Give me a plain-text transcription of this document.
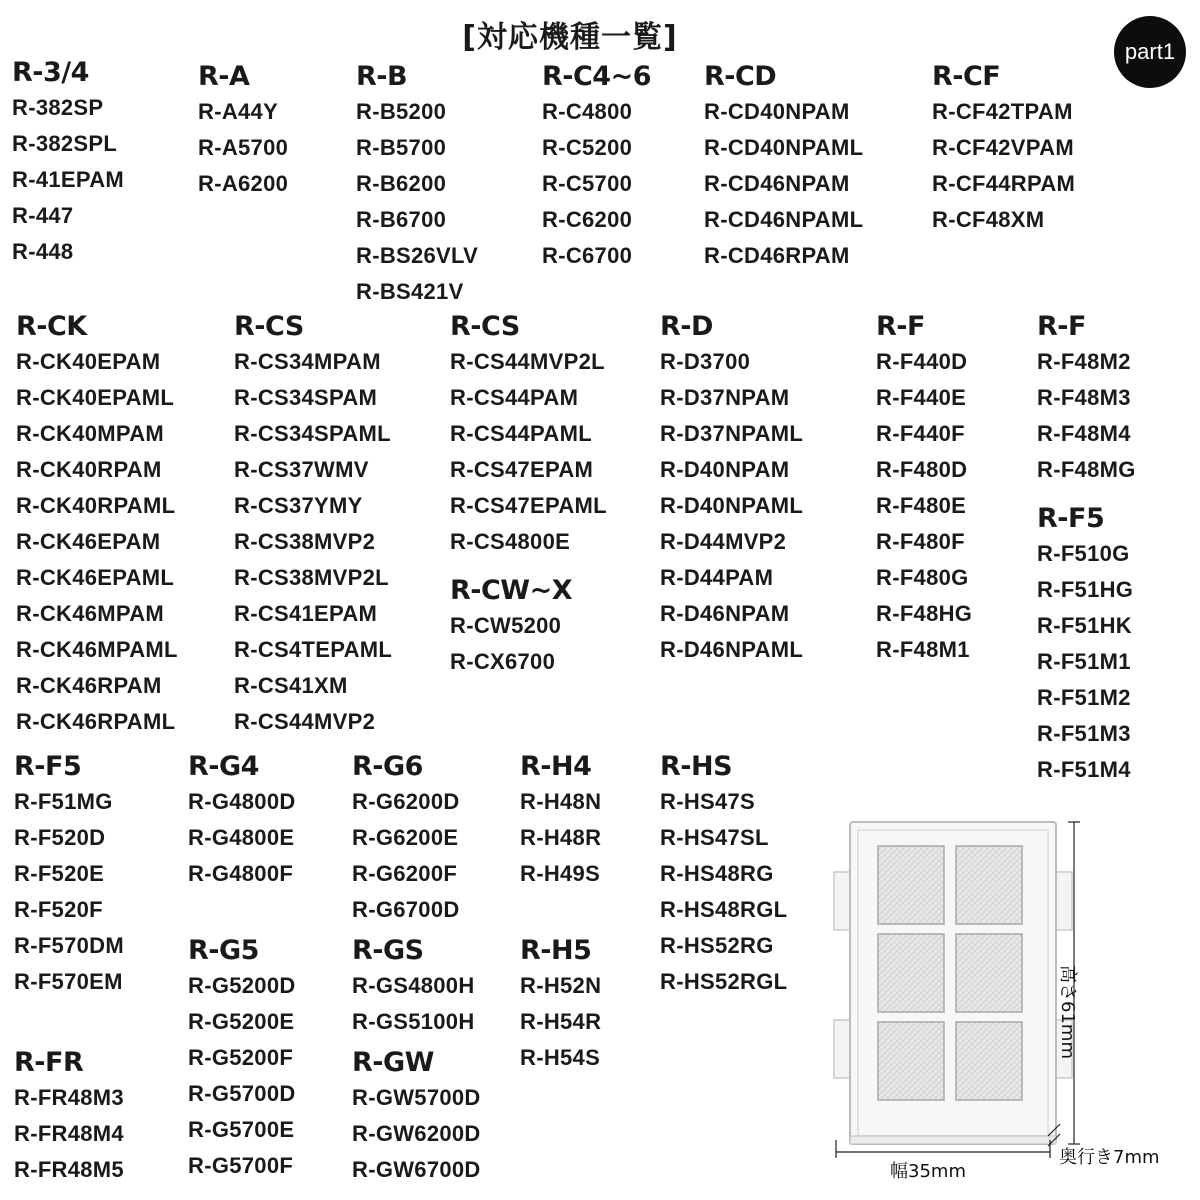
[対応機種一覧]	part1
R-3/4
R-382SP
R-382SPL
R-41EPAM
R-447
R-448
R-A
R-A44Y
R-A5700
R-A6200
R-B
R-B5200
R-B5700
R-B6200
R-B6700
R-BS26VLV
R-BS421V
R-C4~6
R-C4800
R-C5200
R-C5700
R-C6200
R-C6700
R-CD
R-CD40NPAM
R-CD40NPAML
R-CD46NPAM
R-CD46NPAML
R-CD46RPAM
R-CF
R-CF42TPAM
R-CF42VPAM
R-CF44RPAM
R-CF48XM
R-CK
R-CK40EPAM
R-CK40EPAML
R-CK40MPAM
R-CK40RPAM
R-CK40RPAML
R-CK46EPAM
R-CK46EPAML
R-CK46MPAM
R-CK46MPAML
R-CK46RPAM
R-CK46RPAML
R-CS
R-CS34MPAM
R-CS34SPAM
R-CS34SPAML
R-CS37WMV
R-CS37YMY
R-CS38MVP2
R-CS38MVP2L
R-CS41EPAM
R-CS4TEPAML
R-CS41XM
R-CS44MVP2
R-CS
R-CS44MVP2L
R-CS44PAM
R-CS44PAML
R-CS47EPAM
R-CS47EPAML
R-CS4800E
R-CW~X
R-CW5200
R-CX6700
R-D
R-D3700
R-D37NPAM
R-D37NPAML
R-D40NPAM
R-D40NPAML
R-D44MVP2
R-D44PAM
R-D46NPAM
R-D46NPAML
R-F
R-F440D
R-F440E
R-F440F
R-F480D
R-F480E
R-F480F
R-F480G
R-F48HG
R-F48M1
R-F
R-F48M2
R-F48M3
R-F48M4
R-F48MG
R-F5
R-F510G
R-F51HG
R-F51HK
R-F51M1
R-F51M2
R-F51M3
R-F51M4
R-F5
R-F51MG
R-F520D
R-F520E
R-F520F
R-F570DM
R-F570EM
R-FR
R-FR48M3
R-FR48M4
R-FR48M5
R-G4
R-G4800D
R-G4800E
R-G4800F
R-G5
R-G5200D
R-G5200E
R-G5200F
R-G5700D
R-G5700E
R-G5700F
R-G6
R-G6200D
R-G6200E
R-G6200F
R-G6700D
R-GS
R-GS4800H
R-GS5100H
R-GW
R-GW5700D
R-GW6200D
R-GW6700D
R-H4
R-H48N
R-H48R
R-H49S
R-H5
R-H52N
R-H54R
R-H54S
R-HS
R-HS47S
R-HS47SL
R-HS48RG
R-HS48RGL
R-HS52RG
R-HS52RGL	高さ61mm
幅35mm
奥行き7mm
